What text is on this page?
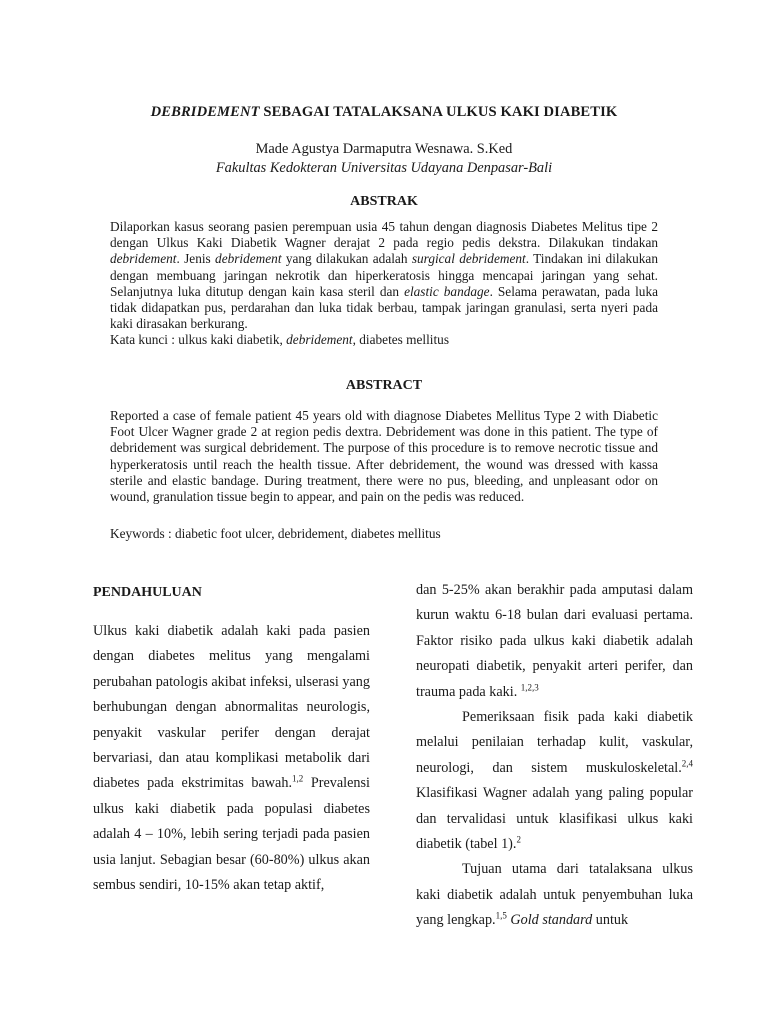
DEBRIDEMENT SEBAGAI TATALAKSANA ULKUS KAKI DIABETIK
Made Agustya Darmaputra Wesnawa. S.Ked
Fakultas Kedokteran Universitas Udayana Denpasar-Bali
ABSTRAK

Dilaporkan kasus seorang pasien perempuan usia 45 tahun dengan diagnosis Diabetes Melitus tipe 2 dengan Ulkus Kaki Diabetik Wagner derajat 2 pada regio pedis dekstra. Dilakukan tindakan debridement. Jenis debridement yang dilakukan adalah surgical debridement. Tindakan ini dilakukan dengan membuang jaringan nekrotik dan hiperkeratosis hingga mencapai jaringan yang sehat. Selanjutnya luka ditutup dengan kain kasa steril dan elastic bandage. Selama perawatan, pada luka tidak didapatkan pus, perdarahan dan luka tidak berbau, tampak jaringan granulasi, serta nyeri pada kaki dirasakan berkurang.

Kata kunci : ulkus kaki diabetik, debridement, diabetes mellitus
ABSTRACT

Reported a case of female patient 45 years old with diagnose Diabetes Mellitus Type 2 with Diabetic Foot Ulcer Wagner grade 2 at region pedis dextra. Debridement was done in this patient. The type of debridement was surgical debridement. The purpose of this procedure is to remove necrotic tissue and hyperkeratosis until reach the health tissue. After debridement, the wound was dressed with kassa sterile and elastic bandage. During treatment, there were no pus, bleeding, and unpleasant odor on wound, granulation tissue begin to appear, and pain on the pedis was reduced.

Keywords : diabetic foot ulcer, debridement, diabetes mellitus
PENDAHULUAN

Ulkus kaki diabetik adalah kaki pada pasien dengan diabetes melitus yang mengalami perubahan patologis akibat infeksi, ulserasi yang berhubungan dengan abnormalitas neurologis, penyakit vaskular perifer dengan derajat bervariasi, dan atau komplikasi metabolik dari diabetes pada ekstrimitas bawah.$^{1,2}$ Prevalensi ulkus kaki diabetik pada populasi diabetes adalah 4 – 10%, lebih sering terjadi pada pasien usia lanjut. Sebagian besar (60-80%) ulkus akan sembus sendiri, 10-15% akan tetap aktif,

dan 5-25% akan berakhir pada amputasi dalam kurun waktu 6-18 bulan dari evaluasi pertama. Faktor risiko pada ulkus kaki diabetik adalah neuropati diabetik, penyakit arteri perifer, dan trauma pada kaki. $^{1,2,3}$

Pemeriksaan fisik pada kaki diabetik melalui penilaian terhadap kulit, vaskular, neurologi, dan sistem muskuloskeletal.$^{2,4}$ Klasifikasi Wagner adalah yang paling popular dan tervalidasi untuk klasifikasi ulkus kaki diabetik (tabel 1).$^2$

Tujuan utama dari tatalaksana ulkus kaki diabetik adalah untuk penyembuhan luka yang lengkap.$^{1,5}$ Gold standard untuk
